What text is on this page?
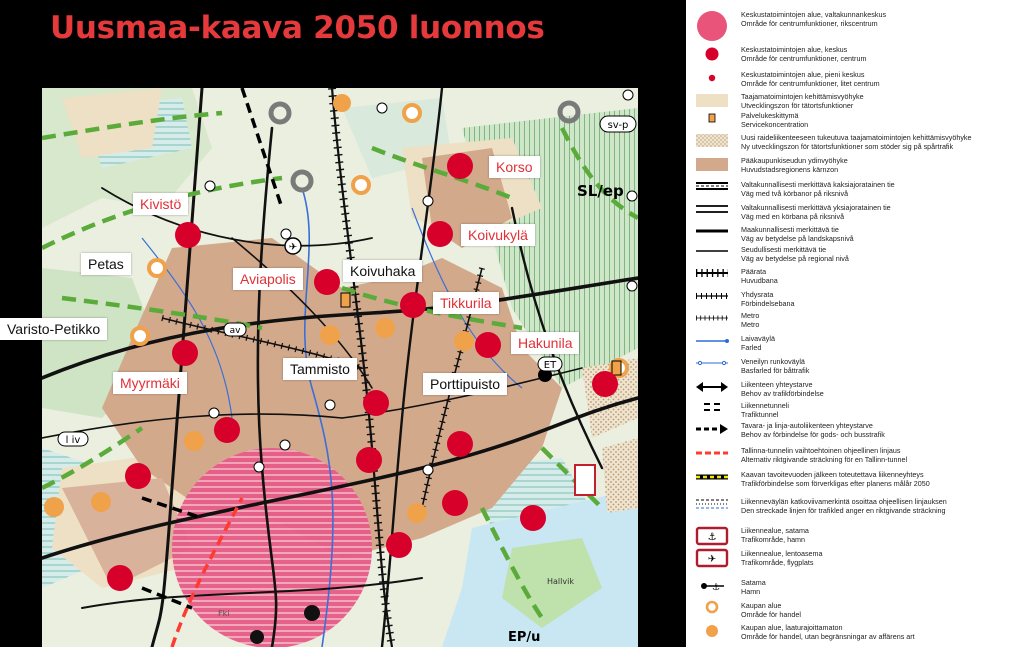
Uusmaa-kaava 2050 luonnos
✈
sv-p
SL/ep
av
l iv
ET
EP/u
Hallvik
Fki
Kivistö
Korso
Koivukylä
Petas
Aviapolis	Koivuhaka
Tikkurila
Varisto-Petikko
Hakunila
Tammisto
Myyrmäki	Porttipuisto
Keskustatoimintojen alue, valtakunnankeskus
Område för centrumfunktioner, rikscentrum
Keskustatoimintojen alue, keskus
Område för centrumfunktioner, centrum
Keskustatoimintojen alue, pieni keskus
Område för centrumfunktioner, litet centrum
Taajamatoimintojen kehittämisvyöhyke
Utvecklingszon för tätortsfunktioner
Palvelukeskittymä
Servicekoncentration
Uusi raideliikenteeseen tukeutuva taajamatoimintojen kehittämisvyöhyke
Ny utvecklingszon för tätortsfunktioner som stöder sig på spårtrafik
Pääkaupunkiseudun ydinvyöhyke
Huvudstadsregionens kärnzon
Valtakunnallisesti merkittävä kaksiajoratainen tie
Väg med två körbanor på riksnivå
Valtakunnallisesti merkittävä yksiajoratainen tie
Väg med en körbana på riksnivå
Maakunnallisesti merkittävä tie
Väg av betydelse på landskapsnivå
Seudullisesti merkittävä tie
Väg av betydelse på regional nivå
Päärata
Huvudbana
Yhdysrata
Förbindelsebana
Metro
Metro
Laivaväylä
Farled
Veneilyn runkoväylä
Basfarled för båttrafik
Liikenteen yhteystarve
Behov av trafikförbindelse
Liikennetunneli
Trafiktunnel
Tavara- ja linja-autoliikenteen yhteystarve
Behov av förbindelse för gods- och busstrafik
Tallinna-tunnelin vaihtoehtoinen ohjeellinen linjaus
Alternativ riktgivande sträckning för en Tallinn-tunnel
Kaavan tavoitevuoden jälkeen toteutettava liikenneyhteys
Trafikförbindelse som förverkligas efter planens målår 2050
Liikenneväylän katkoviivamerkintä osoittaa ohjeellisen linjauksen
Den streckade linjen för trafikled anger en riktgivande sträckning
⚓
Liikennealue, satama
Trafikområde, hamn
✈
Liikennealue, lentoasema
Trafikområde, flygplats
⚓
Satama
Hamn
Kaupan alue
Område för handel
Kaupan alue, laaturajoittamaton
Område för handel, utan begränsningar av affärens art
